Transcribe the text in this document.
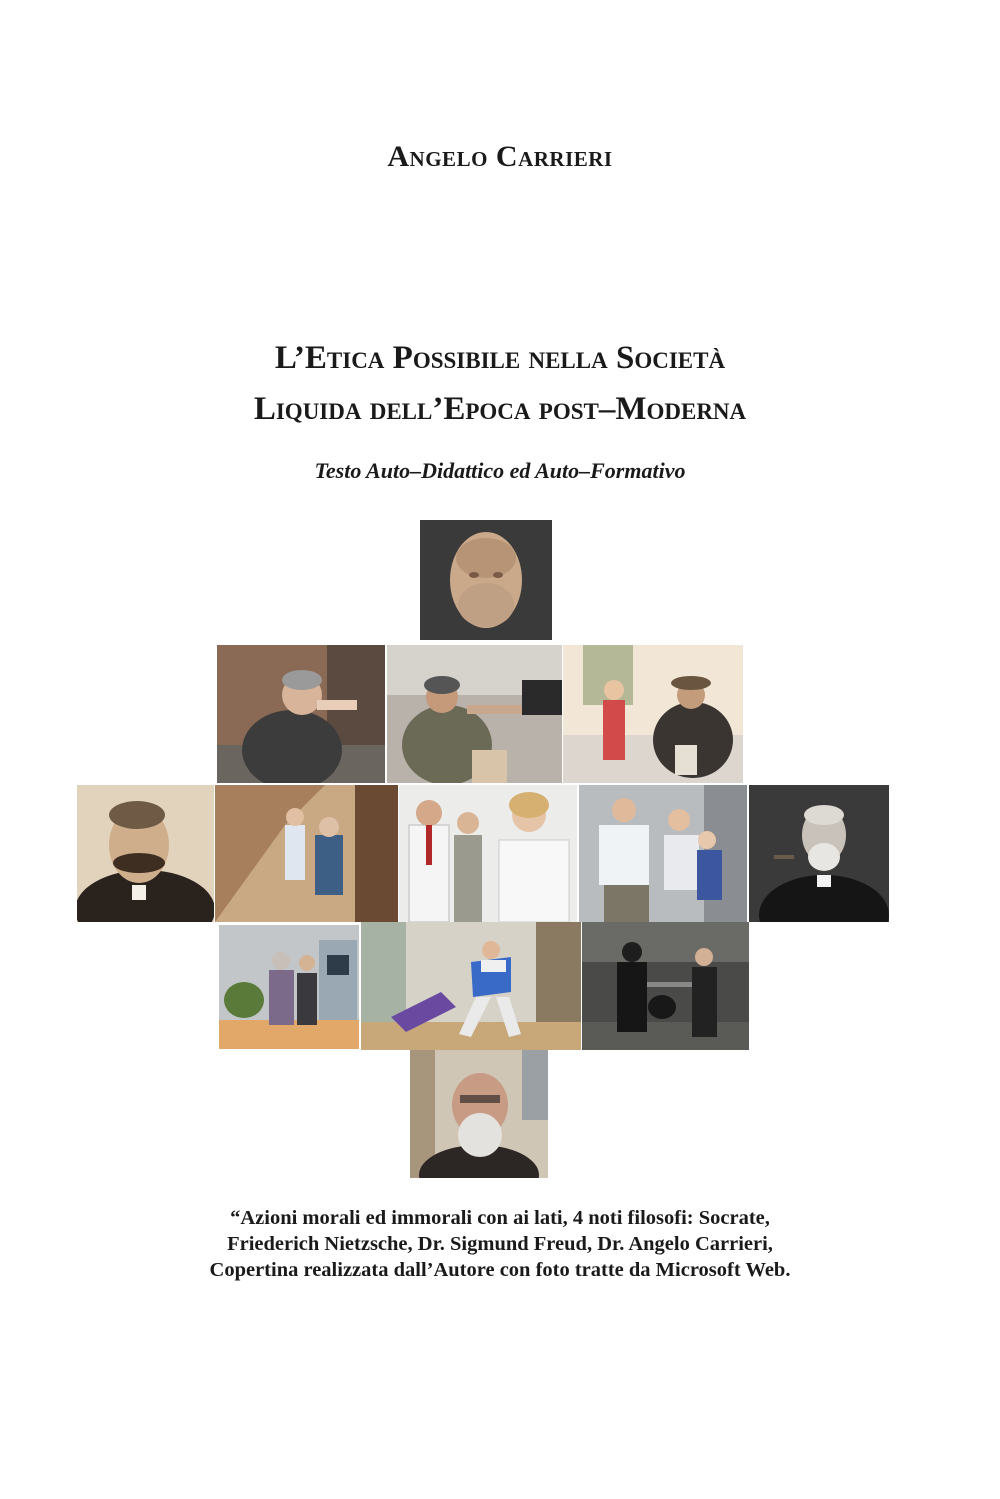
Angelo Carrieri
L’Etica Possibile nella Società
Liquida dell’Epoca post–Moderna
Testo Auto–Didattico ed Auto–Formativo
“Azioni morali ed immorali con ai lati, 4 noti filosofi: Socrate,
Friederich Nietzsche, Dr. Sigmund Freud, Dr. Angelo Carrieri,
Copertina realizzata dall’Autore con foto tratte da Microsoft Web.
